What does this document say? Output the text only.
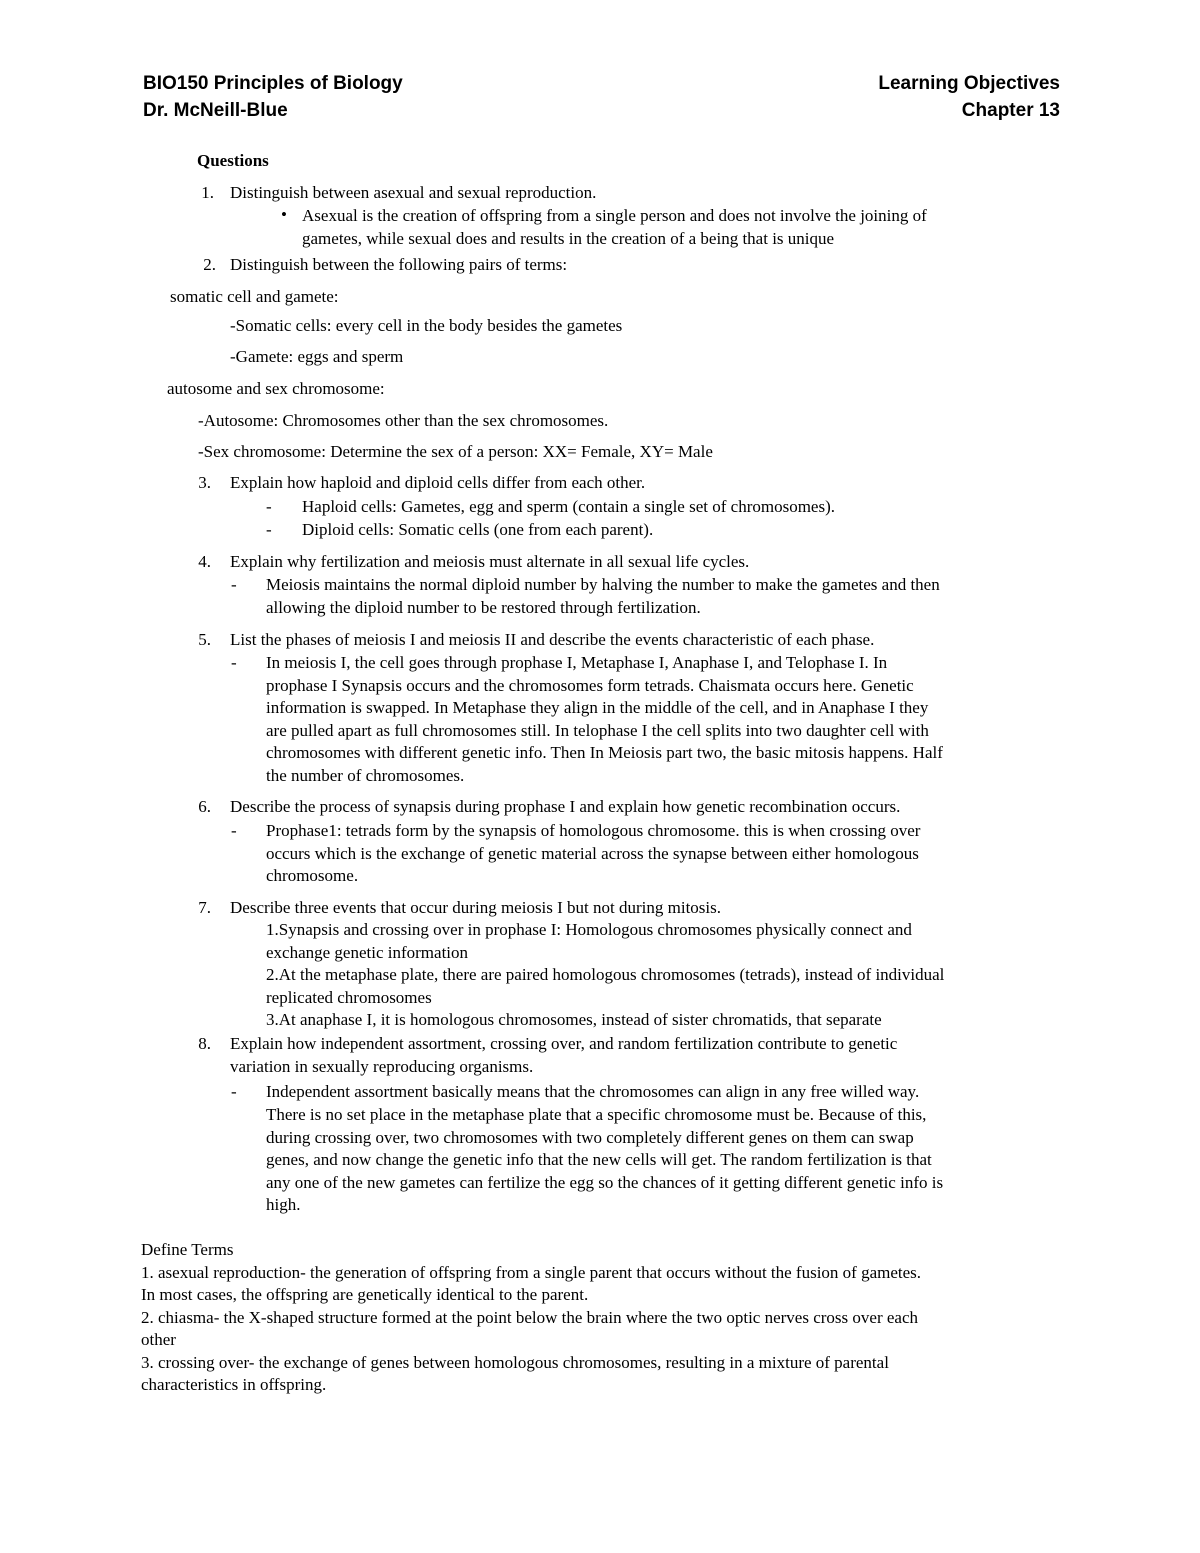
BIO150 Principles of Biology
Dr. McNeill-Blue
Learning Objectives
Chapter 13
Questions
1. Distinguish between asexual and sexual reproduction.
• Asexual is the creation of offspring from a single person and does not involve the joining of
gametes, while sexual does and results in the creation of a being that is unique
2. Distinguish between the following pairs of terms:
somatic cell and gamete:
-Somatic cells: every cell in the body besides the gametes
-Gamete: eggs and sperm
autosome and sex chromosome:
-Autosome: Chromosomes other than the sex chromosomes.
-Sex chromosome: Determine the sex of a person: XX= Female, XY= Male
3. Explain how haploid and diploid cells differ from each other.
- Haploid cells: Gametes, egg and sperm (contain a single set of chromosomes).
- Diploid cells: Somatic cells (one from each parent).
4. Explain why fertilization and meiosis must alternate in all sexual life cycles.
- Meiosis maintains the normal diploid number by halving the number to make the gametes and then
allowing the diploid number to be restored through fertilization.
5. List the phases of meiosis I and meiosis II and describe the events characteristic of each phase.
- In meiosis I, the cell goes through prophase I, Metaphase I, Anaphase I, and Telophase I. In
prophase I Synapsis occurs and the chromosomes form tetrads. Chaismata occurs here. Genetic
information is swapped. In Metaphase they align in the middle of the cell, and in Anaphase I they
are pulled apart as full chromosomes still. In telophase I the cell splits into two daughter cell with
chromosomes with different genetic info. Then In Meiosis part two, the basic mitosis happens. Half
the number of chromosomes.
6. Describe the process of synapsis during prophase I and explain how genetic recombination occurs.
- Prophase1: tetrads form by the synapsis of homologous chromosome. this is when crossing over
occurs which is the exchange of genetic material across the synapse between either homologous
chromosome.
7. Describe three events that occur during meiosis I but not during mitosis.
1.Synapsis and crossing over in prophase I: Homologous chromosomes physically connect and
exchange genetic information
2.At the metaphase plate, there are paired homologous chromosomes (tetrads), instead of individual
replicated chromosomes
3.At anaphase I, it is homologous chromosomes, instead of sister chromatids, that separate
8. Explain how independent assortment, crossing over, and random fertilization contribute to genetic
variation in sexually reproducing organisms.
- Independent assortment basically means that the chromosomes can align in any free willed way.
There is no set place in the metaphase plate that a specific chromosome must be. Because of this,
during crossing over, two chromosomes with two completely different genes on them can swap
genes, and now change the genetic info that the new cells will get. The random fertilization is that
any one of the new gametes can fertilize the egg so the chances of it getting different genetic info is
high.
Define Terms
1. asexual reproduction- the generation of offspring from a single parent that occurs without the fusion of gametes.
In most cases, the offspring are genetically identical to the parent.
2. chiasma- the X-shaped structure formed at the point below the brain where the two optic nerves cross over each
other
3. crossing over- the exchange of genes between homologous chromosomes, resulting in a mixture of parental
characteristics in offspring.
